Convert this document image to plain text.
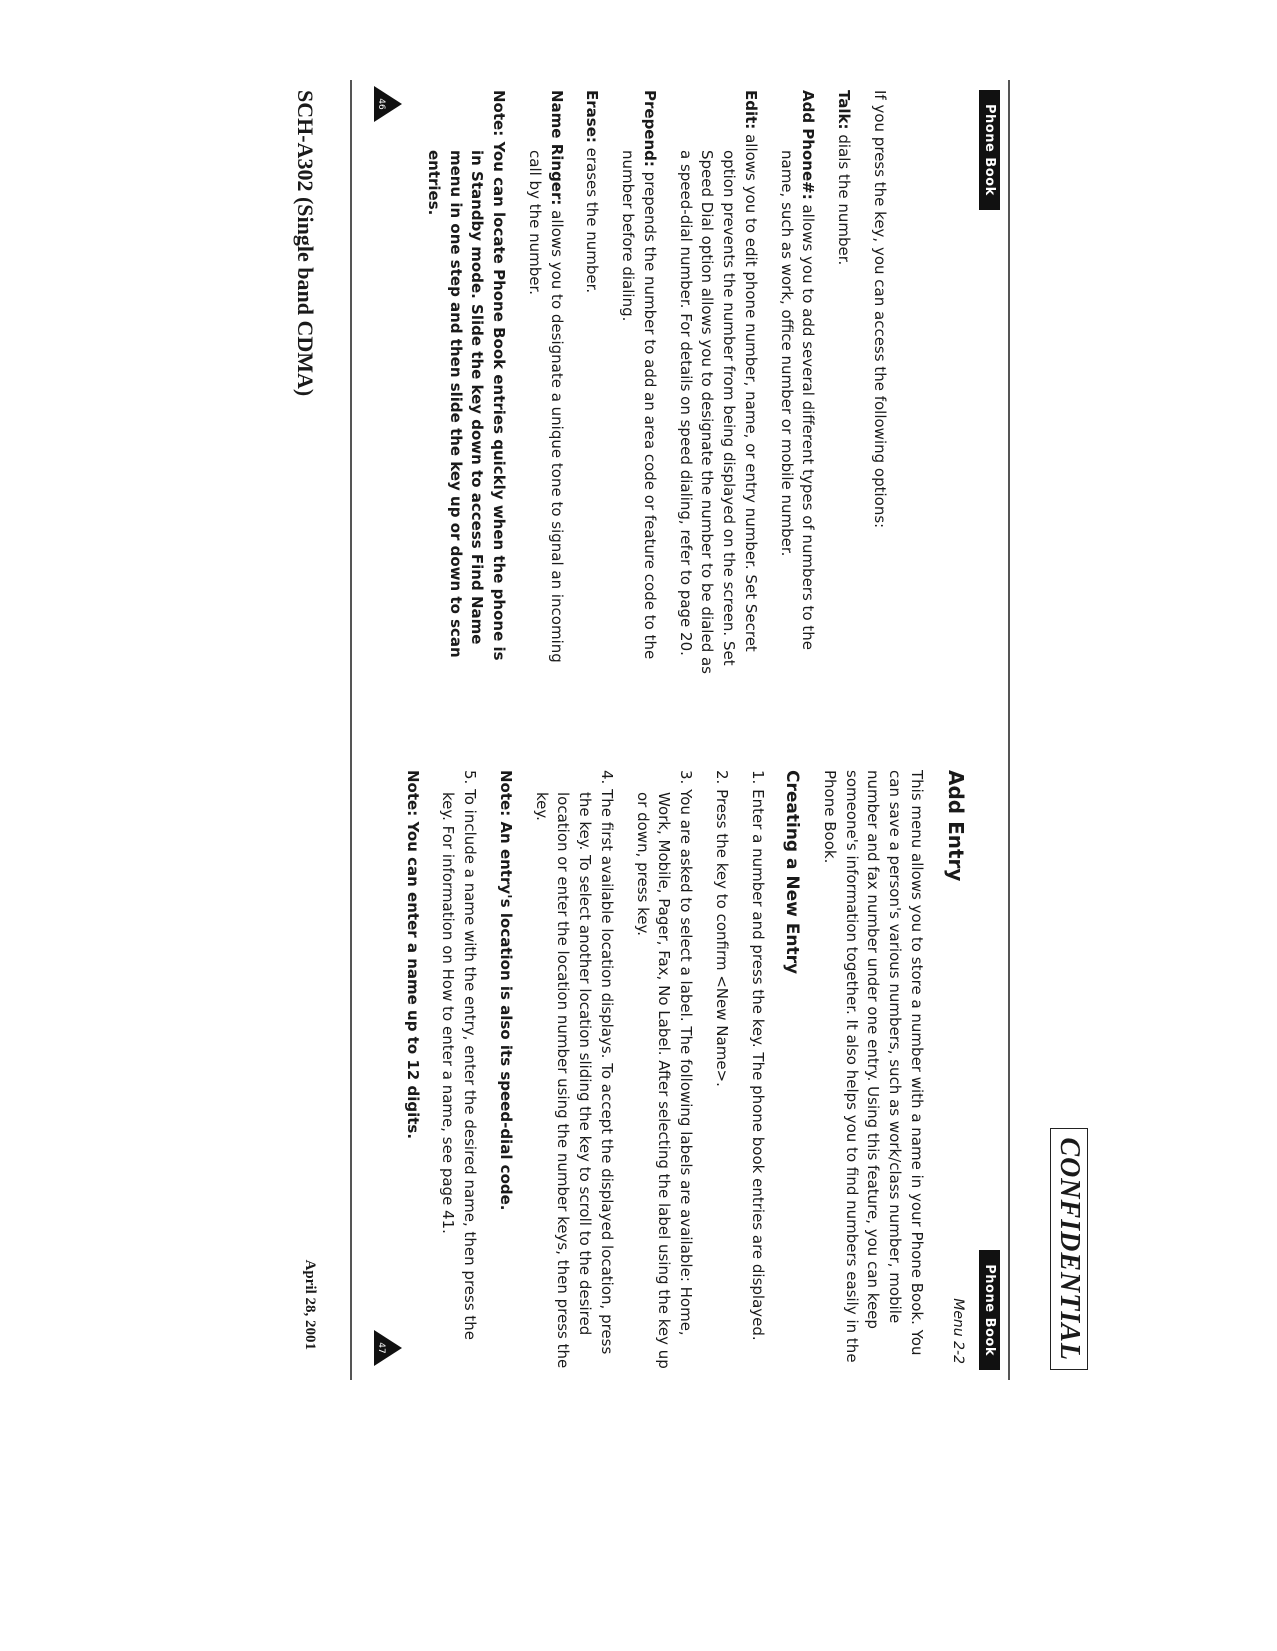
CONFIDENTIAL
Phone Book

If you press the key, you can access the following options:

Talk: dials the number.

Add Phone#: allows you to add several different types of numbers to the name, such as work, office number or mobile number.

Edit: allows you to edit phone number, name, or entry number. Set Secret option prevents the number from being displayed on the screen. Set Speed Dial option allows you to designate the number to be dialed as a speed-dial number. For details on speed dialing, refer to page 20.

Prepend: prepends the number to add an area code or feature code to the number before dialing.

Erase: erases the number.

Name Ringer: allows you to designate a unique tone to signal an incoming call by the number.

Note: You can locate Phone Book entries quickly when the phone is in Standby mode. Slide the key down to access Find Name menu in one step and then slide the key up or down to scan entries.

46
Phone Book
Menu 2-2
Add Entry

This menu allows you to store a number with a name in your Phone Book. You can save a person's various numbers, such as work/class number, mobile number and fax number under one entry. Using this feature, you can keep someone's information together. It also helps you to find numbers easily in the Phone Book.

Creating a New Entry

1. Enter a number and press the key. The phone book entries are displayed.

2. Press the key to confirm <New Name>.

3. You are asked to select a label. The following labels are available: Home, Work, Mobile, Pager, Fax, No Label. After selecting the label using the key up or down, press key.

4. The first available location displays. To accept the displayed location, press the key. To select another location sliding the key to scroll to the desired location or enter the location number using the number keys, then press the key.

Note: An entry's location is also its speed-dial code.

5. To include a name with the entry, enter the desired name, then press the key. For information on How to enter a name, see page 41.

Note: You can enter a name up to 12 digits.

47
SCH-A302 (Single band CDMA)
April 28, 2001
